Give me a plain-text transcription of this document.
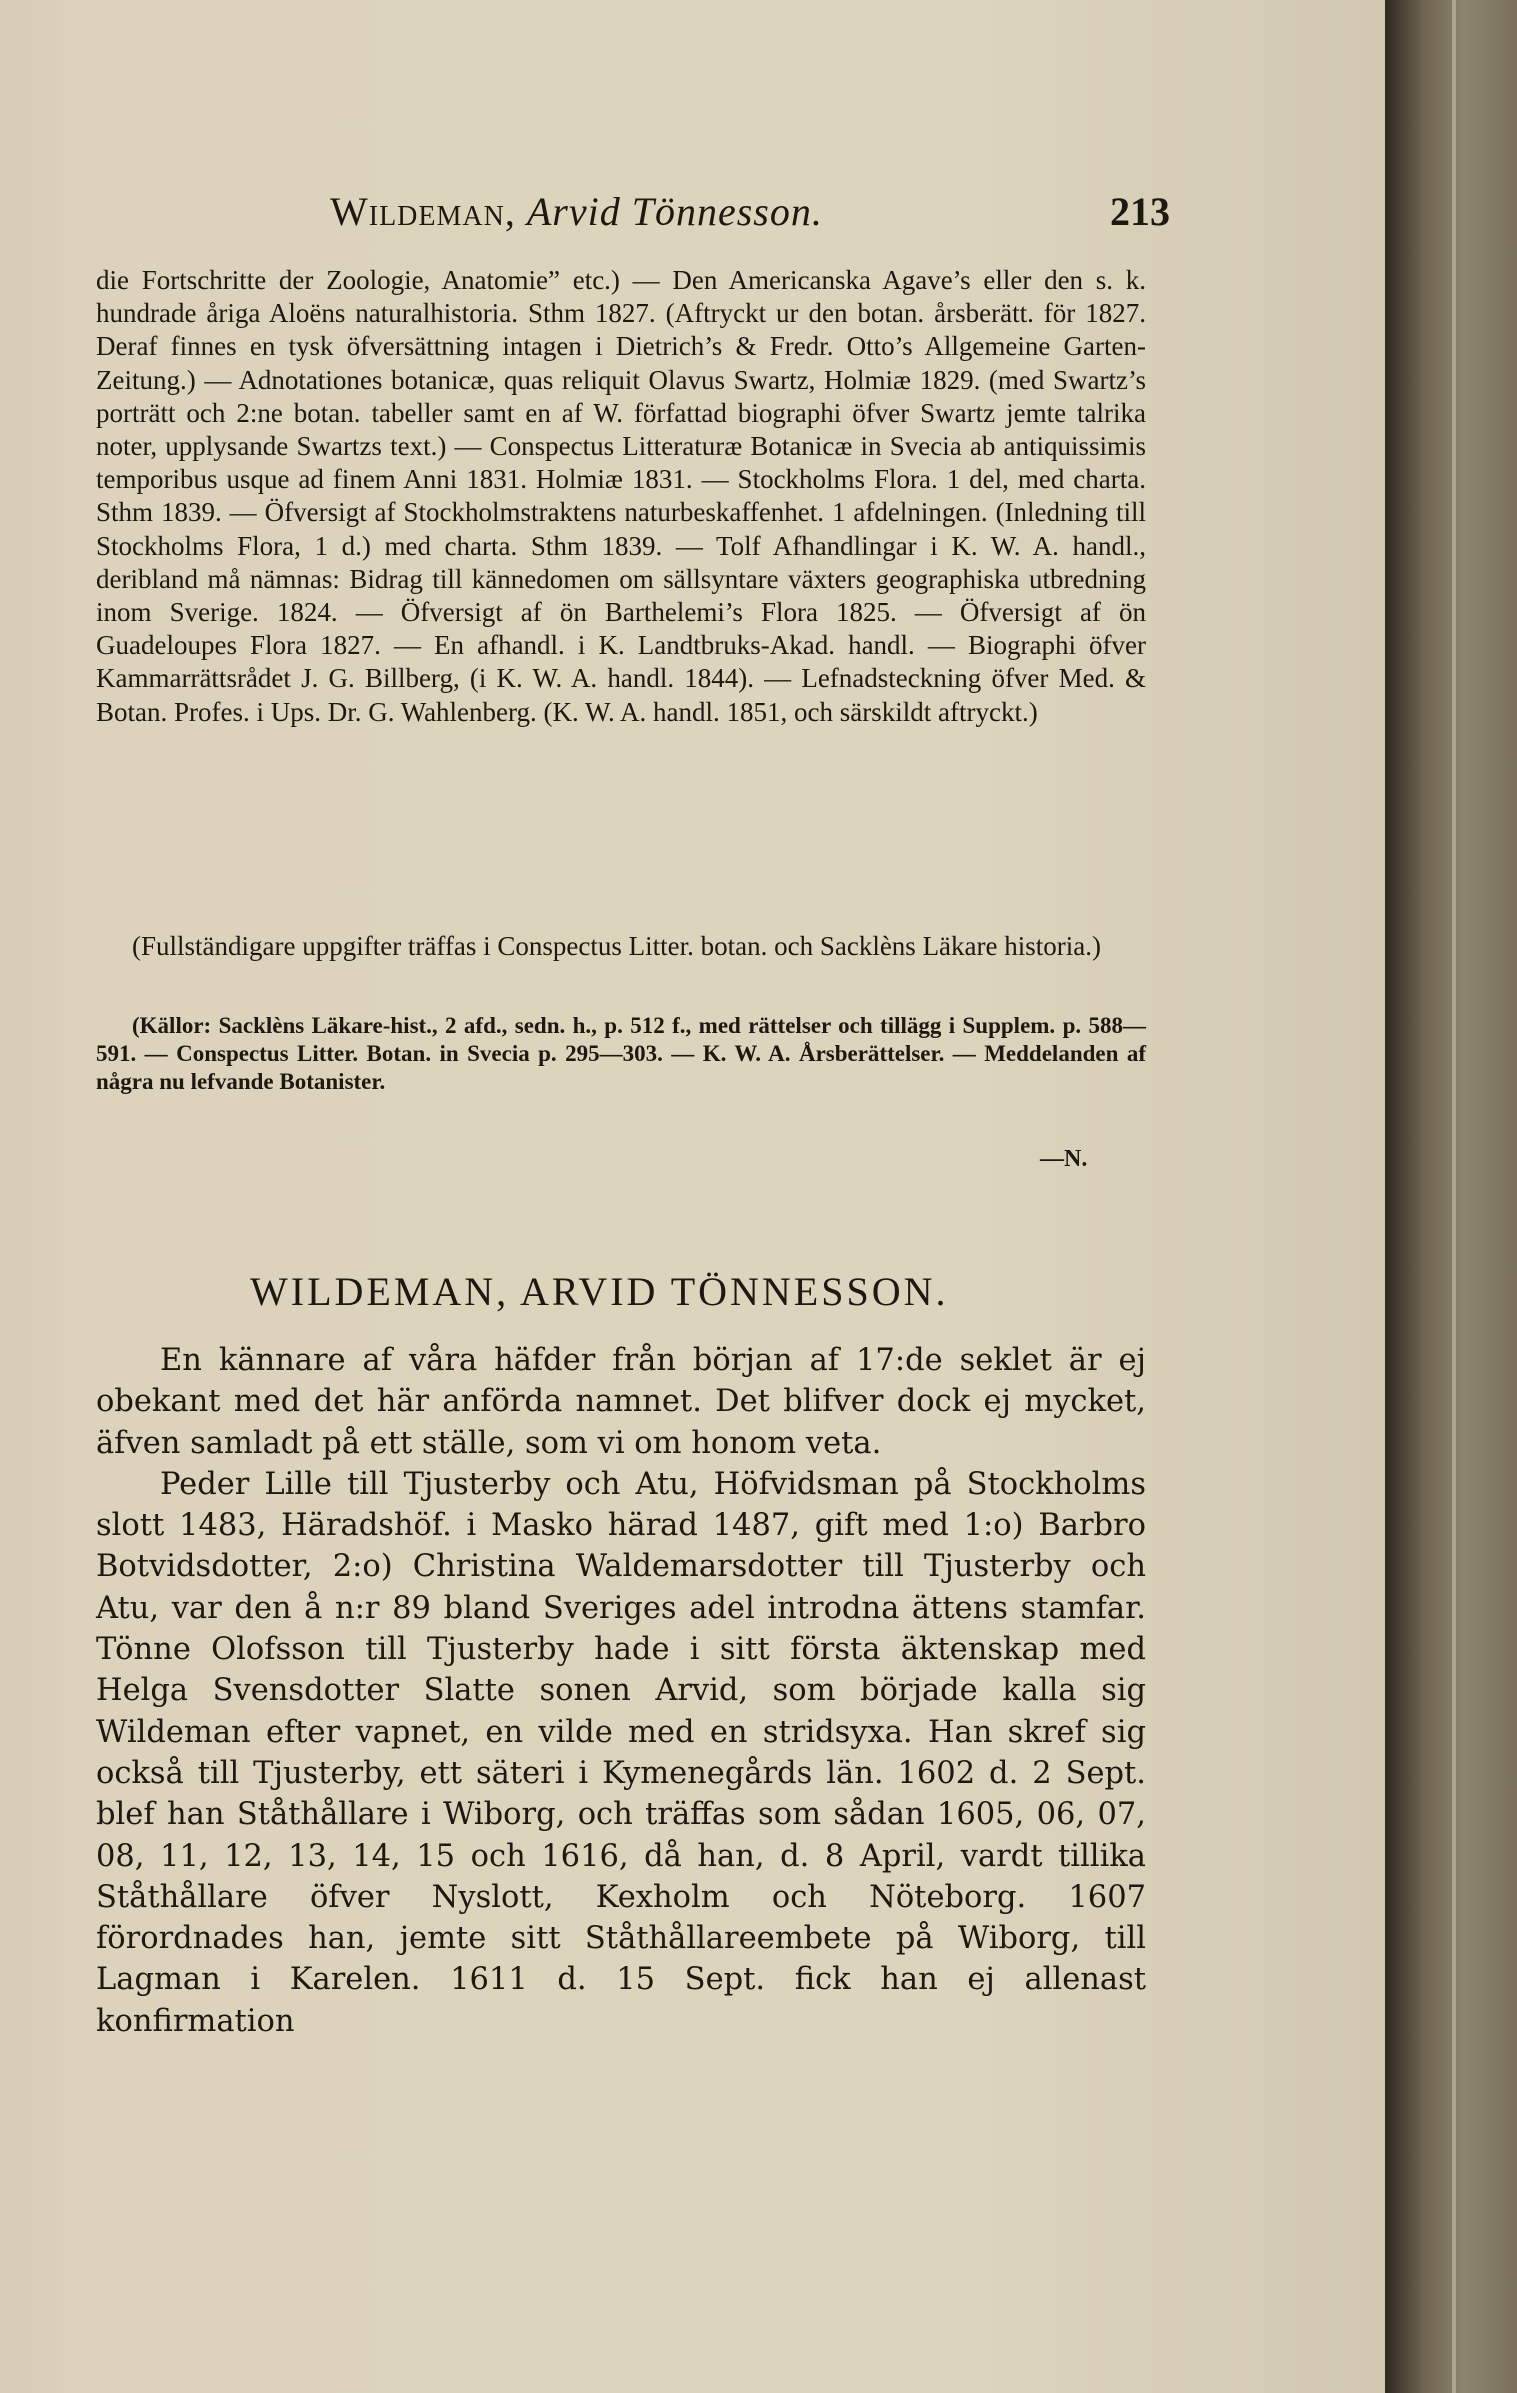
Wildeman, Arvid Tönnesson.	213

die Fortschritte der Zoologie, Anatomie” etc.) — Den Americanska Agave’s eller den s. k. hundrade åriga Aloëns naturalhistoria. Sthm 1827. (Aftryckt ur den botan. årsberätt. för 1827. Deraf finnes en tysk öfversättning intagen i Dietrich’s & Fredr. Otto’s Allgemeine Garten-Zeitung.) — Adnotationes botanicæ, quas reliquit Olavus Swartz, Holmiæ 1829. (med Swartz’s porträtt och 2:ne botan. tabeller samt en af W. författad biographi öfver Swartz jemte talrika noter, upplysande Swartzs text.) — Conspectus Litteraturæ Botanicæ in Svecia ab antiquissimis temporibus usque ad finem Anni 1831. Holmiæ 1831. — Stockholms Flora. 1 del, med charta. Sthm 1839. — Öfversigt af Stockholmstraktens naturbeskaffenhet. 1 afdelningen. (Inledning till Stockholms Flora, 1 d.) med charta. Sthm 1839. — Tolf Afhandlingar i K. W. A. handl., deribland må nämnas: Bidrag till kännedomen om sällsyntare växters geographiska utbredning inom Sverige. 1824. — Öfversigt af ön Barthelemi’s Flora 1825. — Öfversigt af ön Guadeloupes Flora 1827. — En afhandl. i K. Landtbruks-Akad. handl. — Biographi öfver Kammarrättsrådet J. G. Billberg, (i K. W. A. handl. 1844). — Lefnadsteckning öfver Med. & Botan. Profes. i Ups. Dr. G. Wahlenberg. (K. W. A. handl. 1851, och särskildt aftryckt.)

(Fullständigare uppgifter träffas i Conspectus Litter. botan. och Sacklèns Läkare historia.)

(Källor: Sacklèns Läkare-hist., 2 afd., sedn. h., p. 512 f., med rättelser och tillägg i Supplem. p. 588—591. — Conspectus Litter. Botan. in Svecia p. 295—303. — K. W. A. Årsberättelser. — Meddelanden af några nu lefvande Botanister.

—N.
WILDEMAN, ARVID TÖNNESSON.

En kännare af våra häfder från början af 17:de seklet är ej obekant med det här anförda namnet. Det blifver dock ej mycket, äfven samladt på ett ställe, som vi om honom veta.

Peder Lille till Tjusterby och Atu, Höfvidsman på Stockholms slott 1483, Häradshöf. i Masko härad 1487, gift med 1:o) Barbro Botvidsdotter, 2:o) Christina Waldemarsdotter till Tjusterby och Atu, var den å n:r 89 bland Sveriges adel introdna ättens stamfar. Tönne Olofsson till Tjusterby hade i sitt första äktenskap med Helga Svensdotter Slatte sonen Arvid, som började kalla sig Wildeman efter vapnet, en vilde med en stridsyxa. Han skref sig också till Tjusterby, ett säteri i Kymenegårds län. 1602 d. 2 Sept. blef han Ståthållare i Wiborg, och träffas som sådan 1605, 06, 07, 08, 11, 12, 13, 14, 15 och 1616, då han, d. 8 April, vardt tillika Ståthållare öfver Nyslott, Kexholm och Nöteborg. 1607 förordnades han, jemte sitt Ståthållareembete på Wiborg, till Lagman i Karelen. 1611 d. 15 Sept. fick han ej allenast konfirmation
